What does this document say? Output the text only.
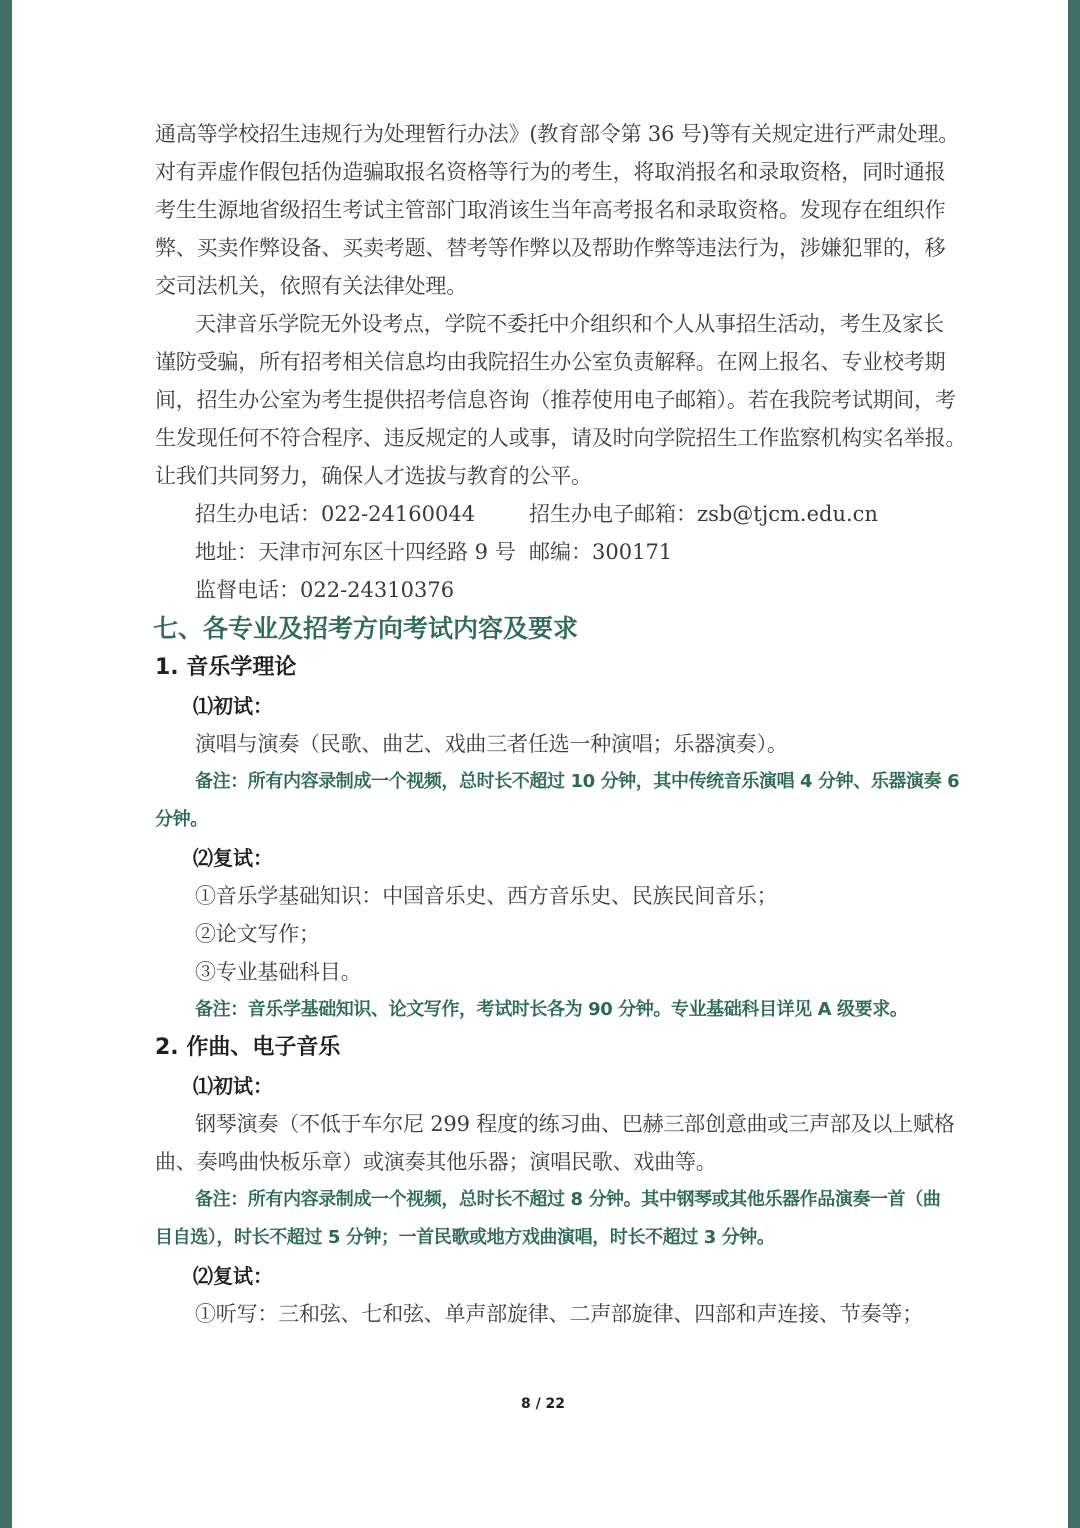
通高等学校招生违规行为处理暂行办法》(教育部令第 36 号)等有关规定进行严肃处理。
对有弄虚作假包括伪造骗取报名资格等行为的考生，将取消报名和录取资格，同时通报
考生生源地省级招生考试主管部门取消该生当年高考报名和录取资格。发现存在组织作
弊、买卖作弊设备、买卖考题、替考等作弊以及帮助作弊等违法行为，涉嫌犯罪的，移
交司法机关，依照有关法律处理。
天津音乐学院无外设考点，学院不委托中介组织和个人从事招生活动，考生及家长
谨防受骗，所有招考相关信息均由我院招生办公室负责解释。在网上报名、专业校考期
间，招生办公室为考生提供招考信息咨询（推荐使用电子邮箱）。若在我院考试期间，考
生发现任何不符合程序、违反规定的人或事，请及时向学院招生工作监察机构实名举报。
让我们共同努力，确保人才选拔与教育的公平。
招生办电话：022-24160044	招生办电子邮箱：zsb@tjcm.edu.cn
地址：天津市河东区十四经路 9 号 邮编：300171
监督电话：022-24310376
七、各专业及招考方向考试内容及要求
1. 音乐学理论
⑴初试：
演唱与演奏（民歌、曲艺、戏曲三者任选一种演唱；乐器演奏）。
备注：所有内容录制成一个视频，总时长不超过 10 分钟，其中传统音乐演唱 4 分钟、乐器演奏 6
分钟。
⑵复试：
①音乐学基础知识：中国音乐史、西方音乐史、民族民间音乐；
②论文写作；
③专业基础科目。
备注：音乐学基础知识、论文写作，考试时长各为 90 分钟。专业基础科目详见 A 级要求。
2. 作曲、电子音乐
⑴初试：
钢琴演奏（不低于车尔尼 299 程度的练习曲、巴赫三部创意曲或三声部及以上赋格
曲、奏鸣曲快板乐章）或演奏其他乐器；演唱民歌、戏曲等。
备注：所有内容录制成一个视频，总时长不超过 8 分钟。其中钢琴或其他乐器作品演奏一首（曲
目自选），时长不超过 5 分钟；一首民歌或地方戏曲演唱，时长不超过 3 分钟。
⑵复试：
①听写：三和弦、七和弦、单声部旋律、二声部旋律、四部和声连接、节奏等；
8 / 22
